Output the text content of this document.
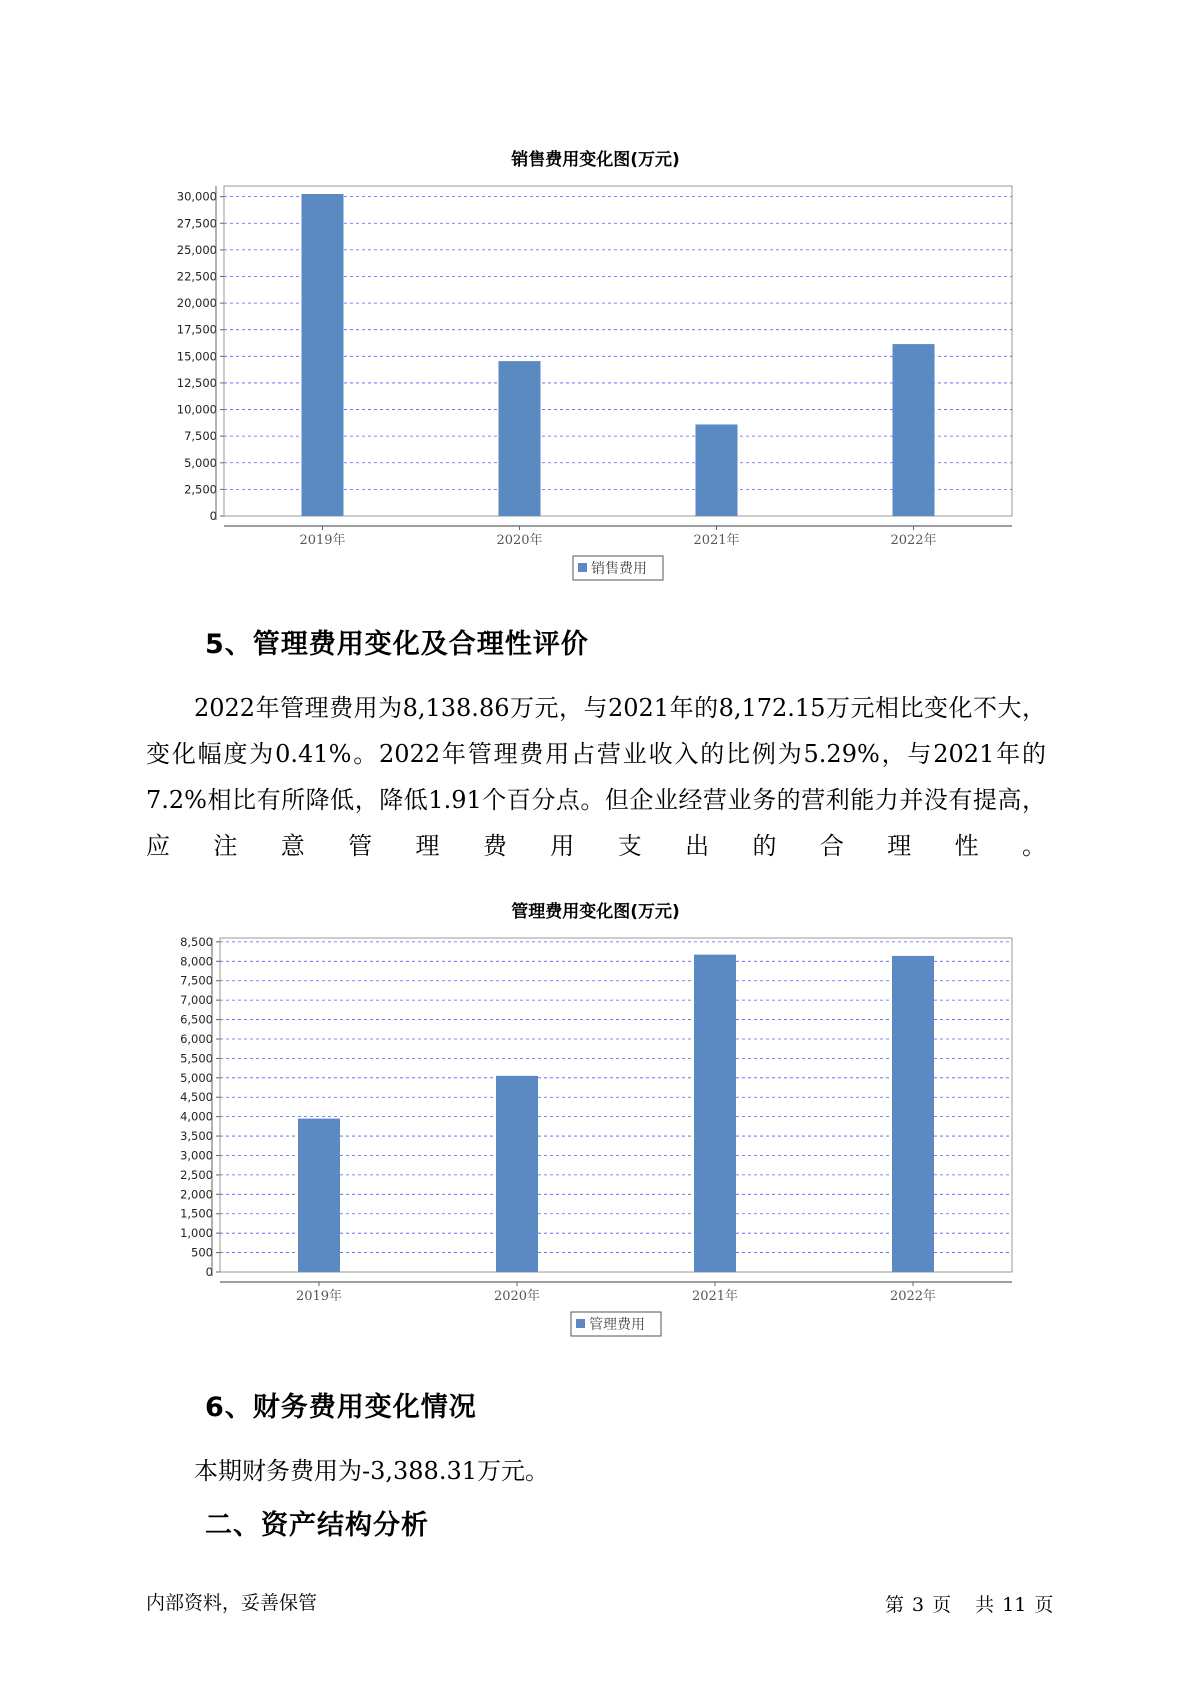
销售费用变化图(万元)
0
2,500
5,000
7,500
10,000
12,500
15,000
17,500
20,000
22,500
25,000
27,500
30,000
2019年	2020年	2021年	2022年
销售费用
5、管理费用变化及合理性评价

2022年管理费用为8,138.86万元，与2021年的8,172.15万元相比变化不大，变化幅度为0.41%。2022年管理费用占营业收入的比例为5.29%，与2021年的7.2%相比有所降低，降低1.91个百分点。但企业经营业务的营利能力并没有提高，应注意管理费用支出的合理性。

管理费用变化图(万元)
0
500
1,000
1,500
2,000
2,500
3,000
3,500
4,000
4,500
5,000
5,500
6,000
6,500
7,000
7,500
8,000
8,500
2019年	2020年	2021年	2022年
管理费用
6、财务费用变化情况

本期财务费用为-3,388.31万元。

二、资产结构分析
内部资料，妥善保管	第 3 页 共 11 页
